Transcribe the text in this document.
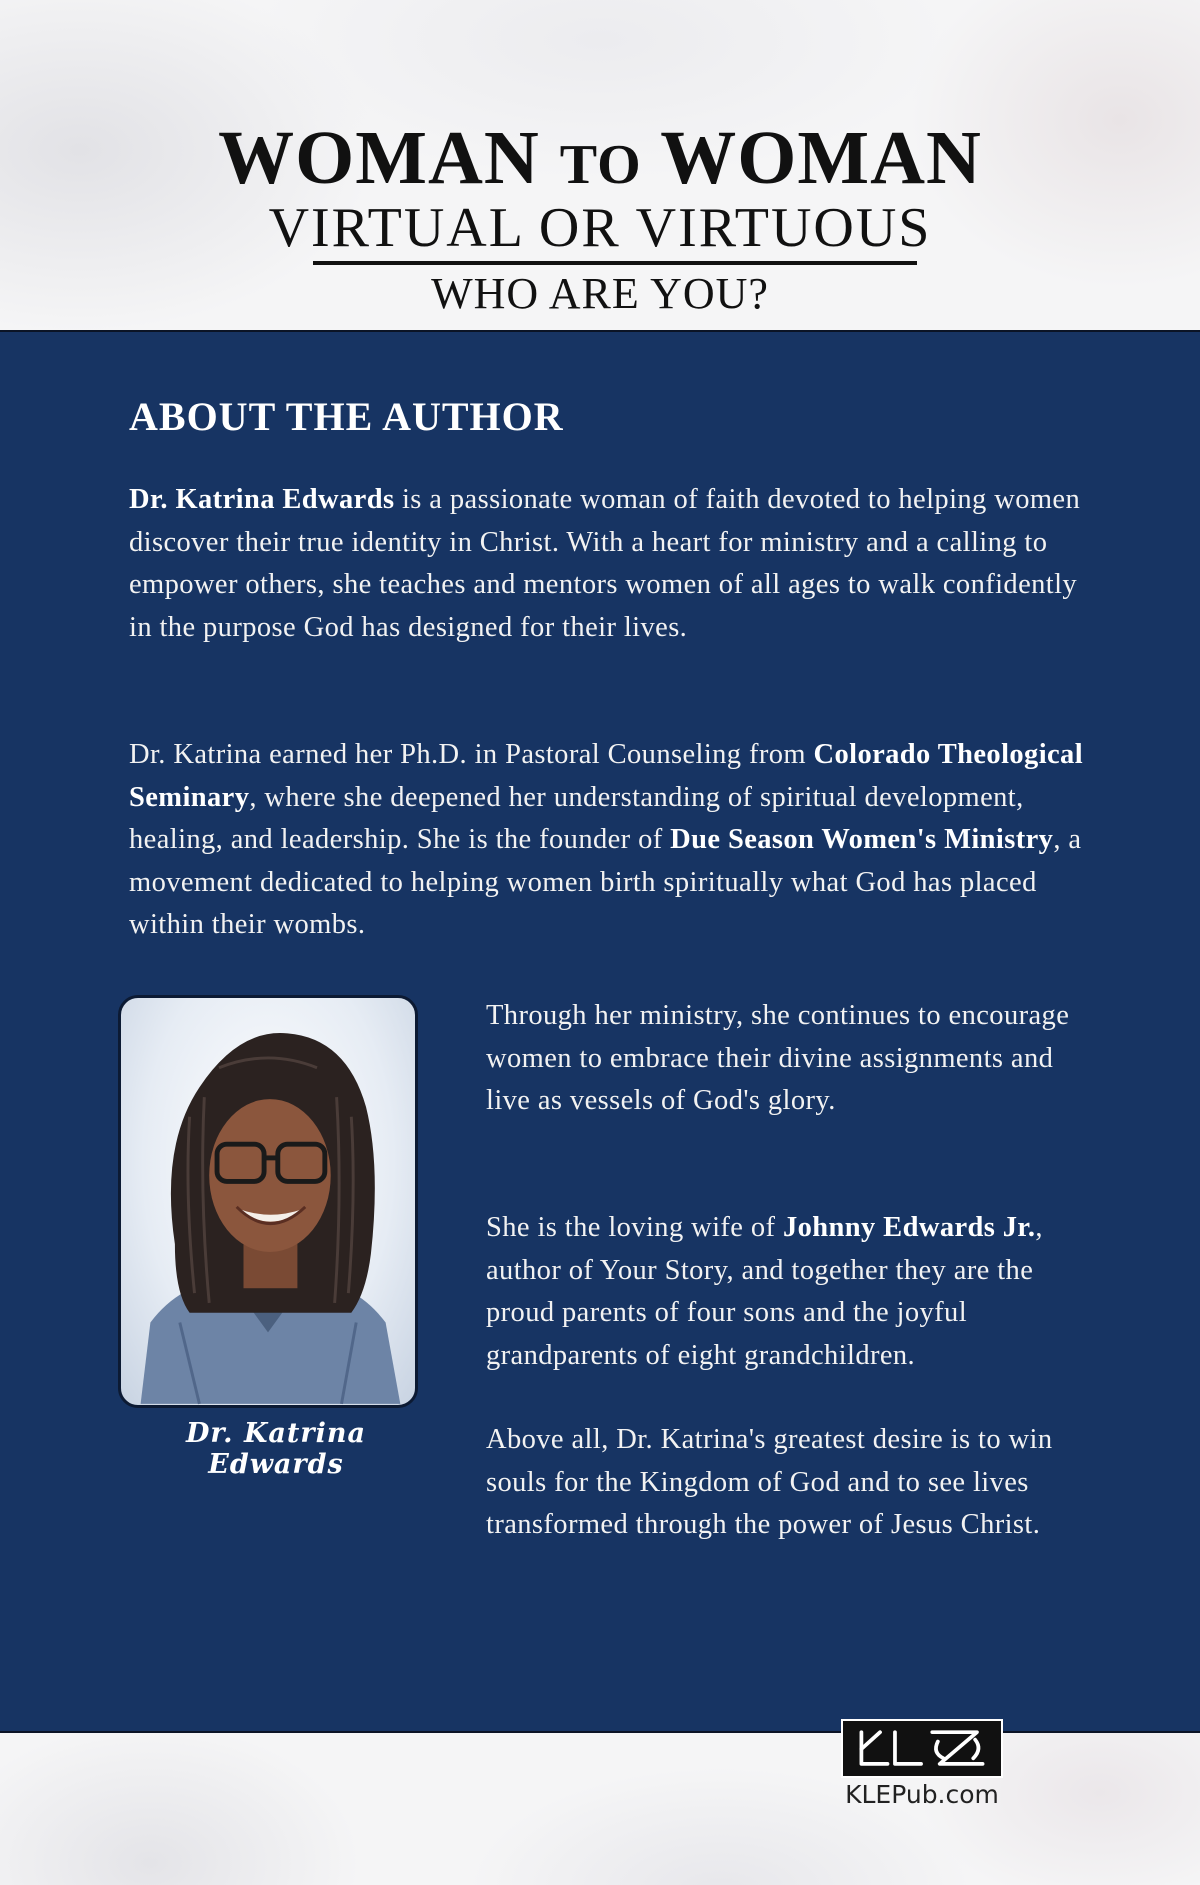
WOMAN TO WOMAN
VIRTUAL OR VIRTUOUS
WHO ARE YOU?
ABOUT THE AUTHOR
Dr. Katrina Edwards is a passionate woman of faith devoted to helping women discover their true identity in Christ. With a heart for ministry and a calling to empower others, she teaches and mentors women of all ages to walk confidently in the purpose God has designed for their lives.
Dr. Katrina earned her Ph.D. in Pastoral Counseling from Colorado Theological Seminary, where she deepened her understanding of spiritual development, healing, and leadership. She is the founder of Due Season Women's Ministry, a movement dedicated to helping women birth spiritually what God has placed within their wombs.
Dr. Katrina Edwards
Through her ministry, she continues to encourage women to embrace their divine assignments and live as vessels of God's glory.
She is the loving wife of Johnny Edwards Jr., author of Your Story, and together they are the proud parents of four sons and the joyful grandparents of eight grandchildren.
Above all, Dr. Katrina's greatest desire is to win souls for the Kingdom of God and to see lives transformed through the power of Jesus Christ.
KLEPub.com
